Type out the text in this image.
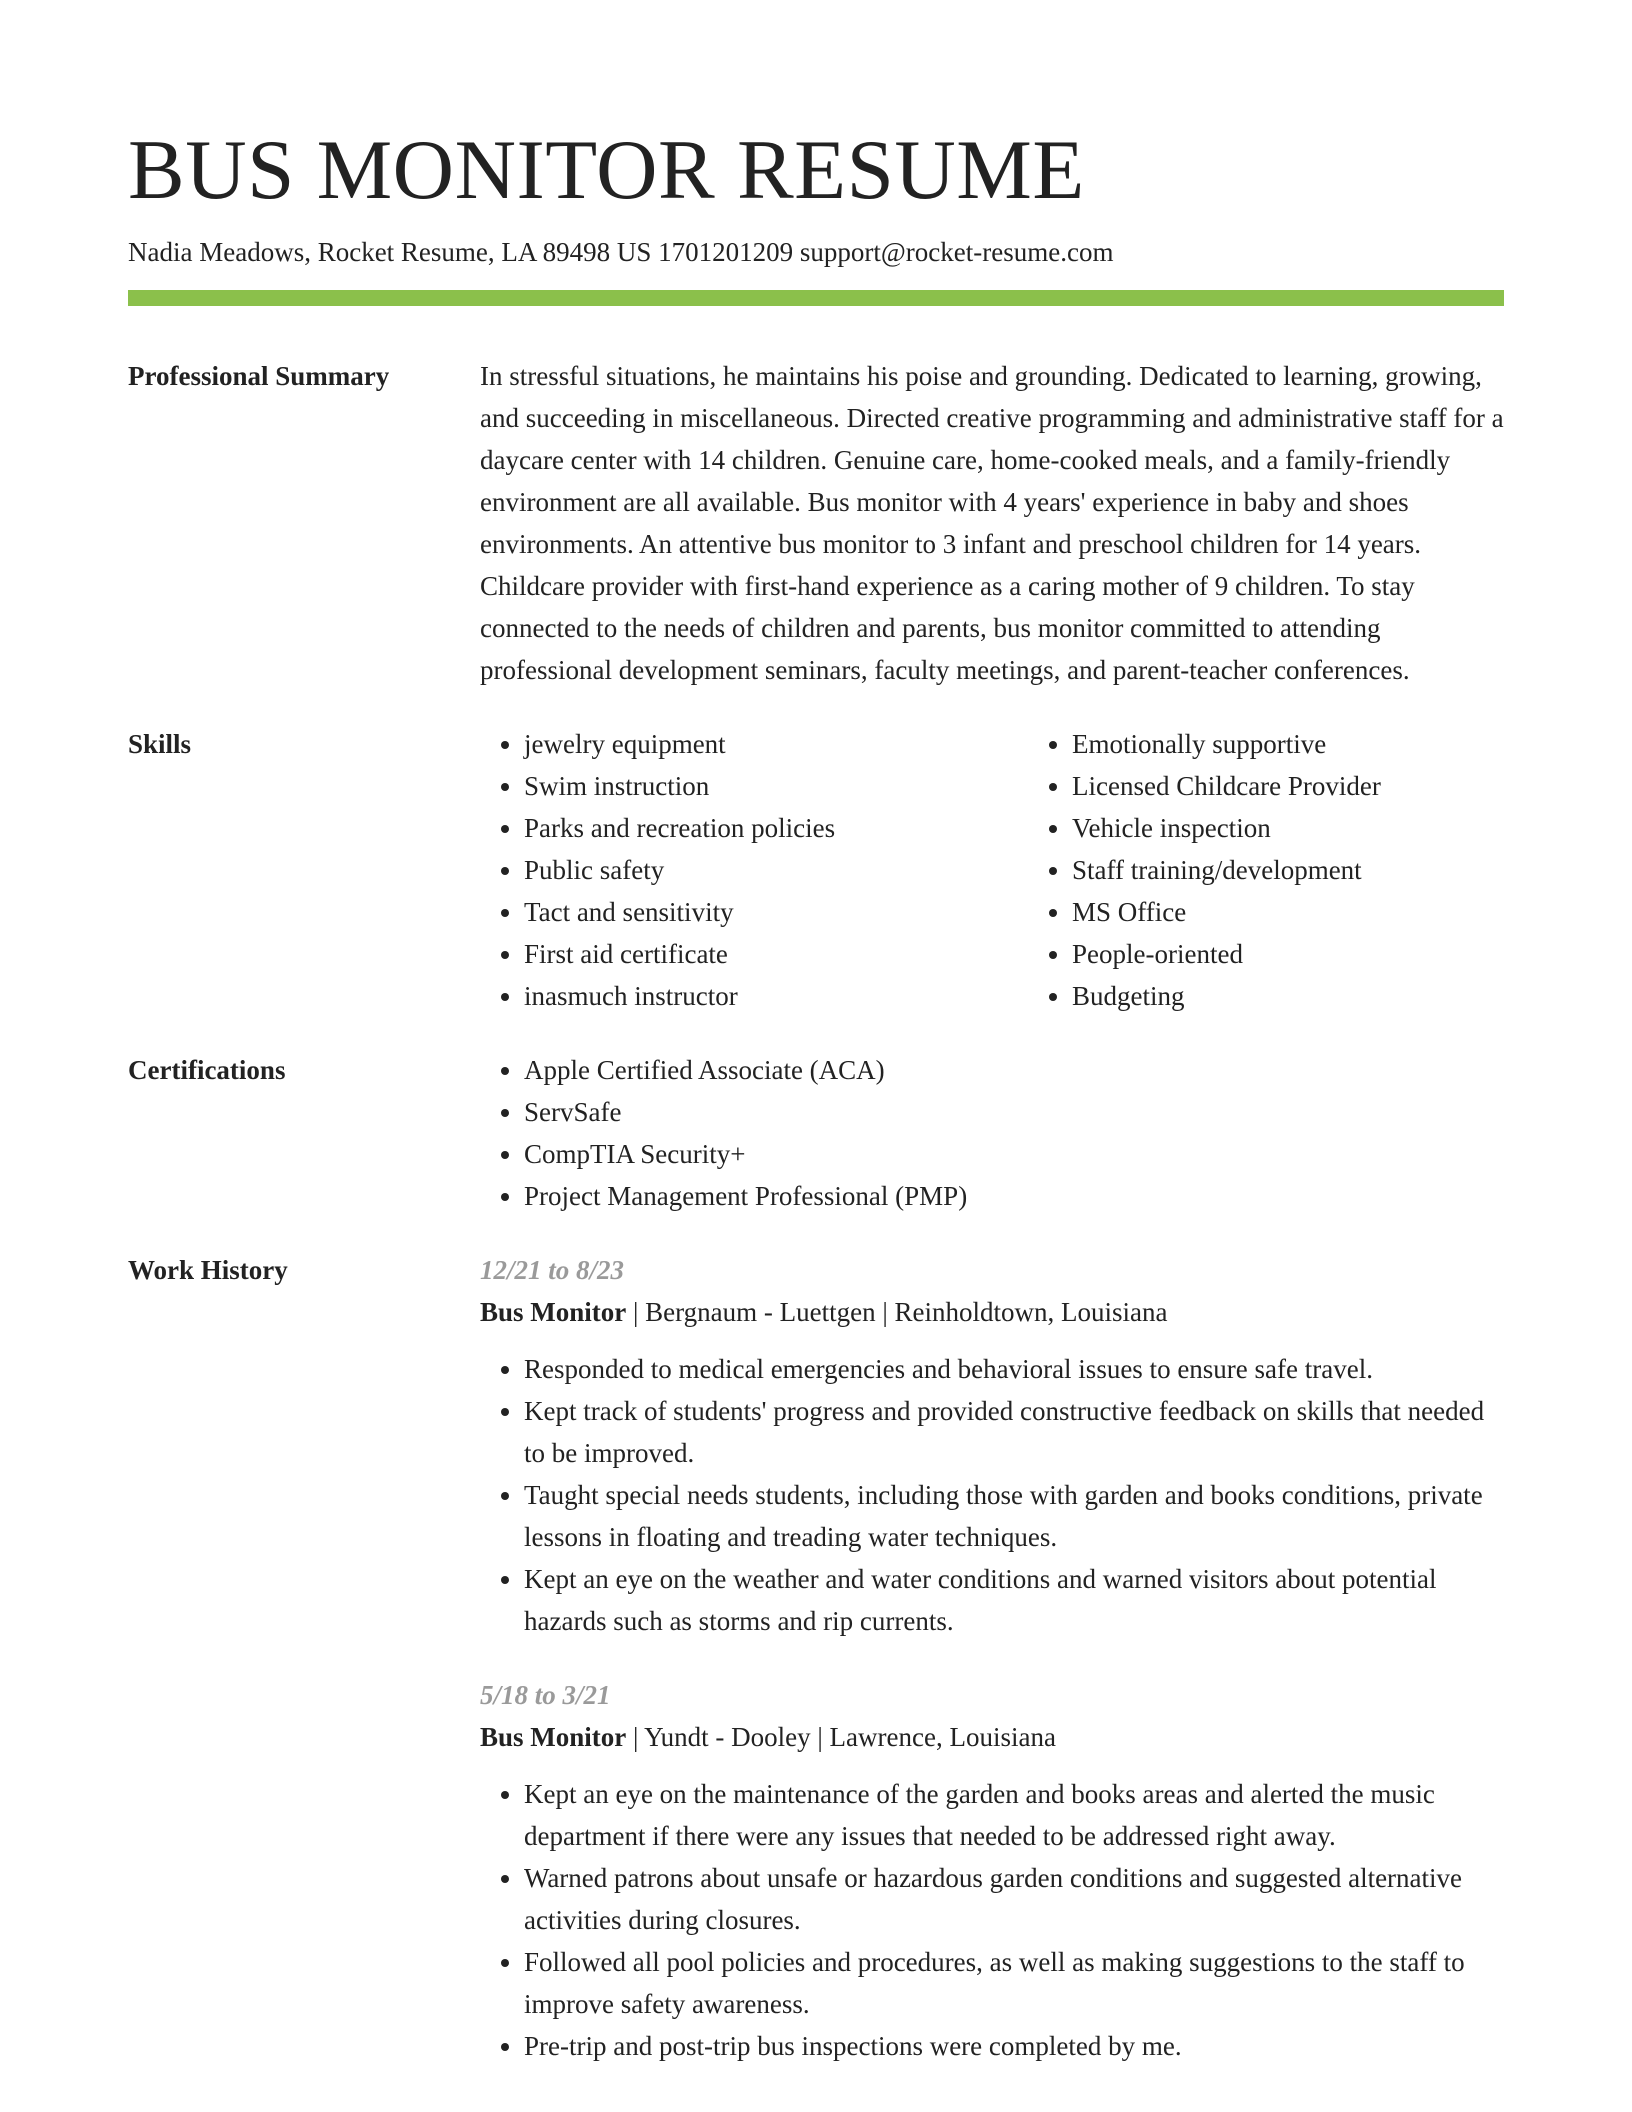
BUS MONITOR RESUME
Nadia Meadows, Rocket Resume, LA 89498 US 1701201209 support@rocket-resume.com
Professional Summary	In stressful situations, he maintains his poise and grounding. Dedicated to learning, growing, and succeeding in miscellaneous. Directed creative programming and administrative staff for a daycare center with 14 children. Genuine care, home-cooked meals, and a family-friendly environment are all available. Bus monitor with 4 years' experience in baby and shoes environments. An attentive bus monitor to 3 infant and preschool children for 14 years. Childcare provider with first-hand experience as a caring mother of 9 children. To stay connected to the needs of children and parents, bus monitor committed to attending professional development seminars, faculty meetings, and parent-teacher conferences.
Skills	• jewelry equipment
• Swim instruction
• Parks and recreation policies
• Public safety
• Tact and sensitivity
• First aid certificate
• inasmuch instructor
• Emotionally supportive
• Licensed Childcare Provider
• Vehicle inspection
• Staff training/development
• MS Office
• People-oriented
• Budgeting
Certifications	• Apple Certified Associate (ACA)
• ServSafe
• CompTIA Security+
• Project Management Professional (PMP)
Work History	12/21 to 8/23
Bus Monitor | Bergnaum - Luettgen | Reinholdtown, Louisiana
• Responded to medical emergencies and behavioral issues to ensure safe travel.
• Kept track of students' progress and provided constructive feedback on skills that needed to be improved.
• Taught special needs students, including those with garden and books conditions, private lessons in floating and treading water techniques.
• Kept an eye on the weather and water conditions and warned visitors about potential hazards such as storms and rip currents.
5/18 to 3/21
Bus Monitor | Yundt - Dooley | Lawrence, Louisiana
• Kept an eye on the maintenance of the garden and books areas and alerted the music department if there were any issues that needed to be addressed right away.
• Warned patrons about unsafe or hazardous garden conditions and suggested alternative activities during closures.
• Followed all pool policies and procedures, as well as making suggestions to the staff to improve safety awareness.
• Pre-trip and post-trip bus inspections were completed by me.
